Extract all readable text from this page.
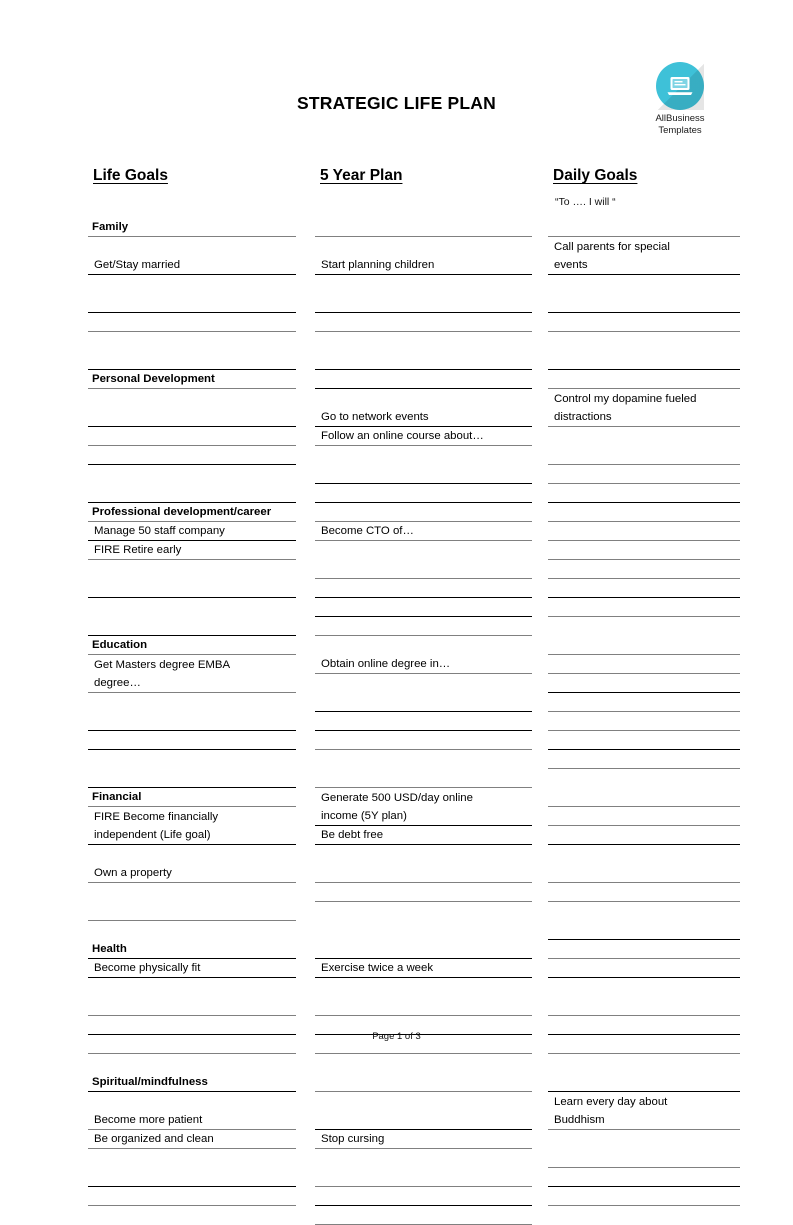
STRATEGIC LIFE PLAN
AllBusiness
Templates
Life Goals	5 Year Plan	Daily Goals
“To …. I will “
Family
Get/Stay married
Personal Development
Professional development/career
Manage 50 staff company
FIRE Retire early
Education
Get Masters degree EMBA
degree…
Financial
FIRE Become financially
independent (Life goal)
Own a property
Health
Become physically fit
Spiritual/mindfulness
Become more patient
Be organized and clean
Start planning children
Go to network events
Follow an online course about…
Become CTO of…
Obtain online degree in…
Generate 500 USD/day online
income (5Y plan)
Be debt free
Exercise twice a week
Stop cursing
Call parents for special
events
Control my dopamine fueled
distractions
Learn every day about
Buddhism
Page 1 of 3
